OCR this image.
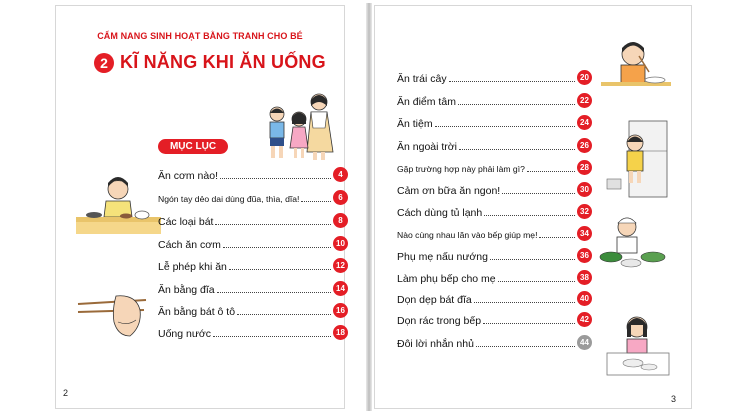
CẨM NANG SINH HOẠT BẰNG TRANH CHO BÉ
2 KĨ NĂNG KHI ĂN UỐNG
MỤC LỤC
Ăn cơm nào!	4
Ngón tay dẻo dai dùng đũa, thìa, dĩa!	6
Các loại bát	8
Cách ăn cơm	10
Lễ phép khi ăn	12
Ăn bằng đĩa	14
Ăn bằng bát ô tô	16
Uống nước	18
2
Ăn trái cây	20
Ăn điểm tâm	22
Ăn tiệm	24
Ăn ngoài trời	26
Gặp trường hợp này phải làm gì?	28
Cảm ơn bữa ăn ngon!	30
Cách dùng tủ lạnh	32
Nào cùng nhau lăn vào bếp giúp mẹ!	34
Phụ mẹ nấu nướng	36
Làm phụ bếp cho mẹ	38
Dọn dẹp bát đĩa	40
Dọn rác trong bếp	42
Đôi lời nhắn nhủ	44
3
